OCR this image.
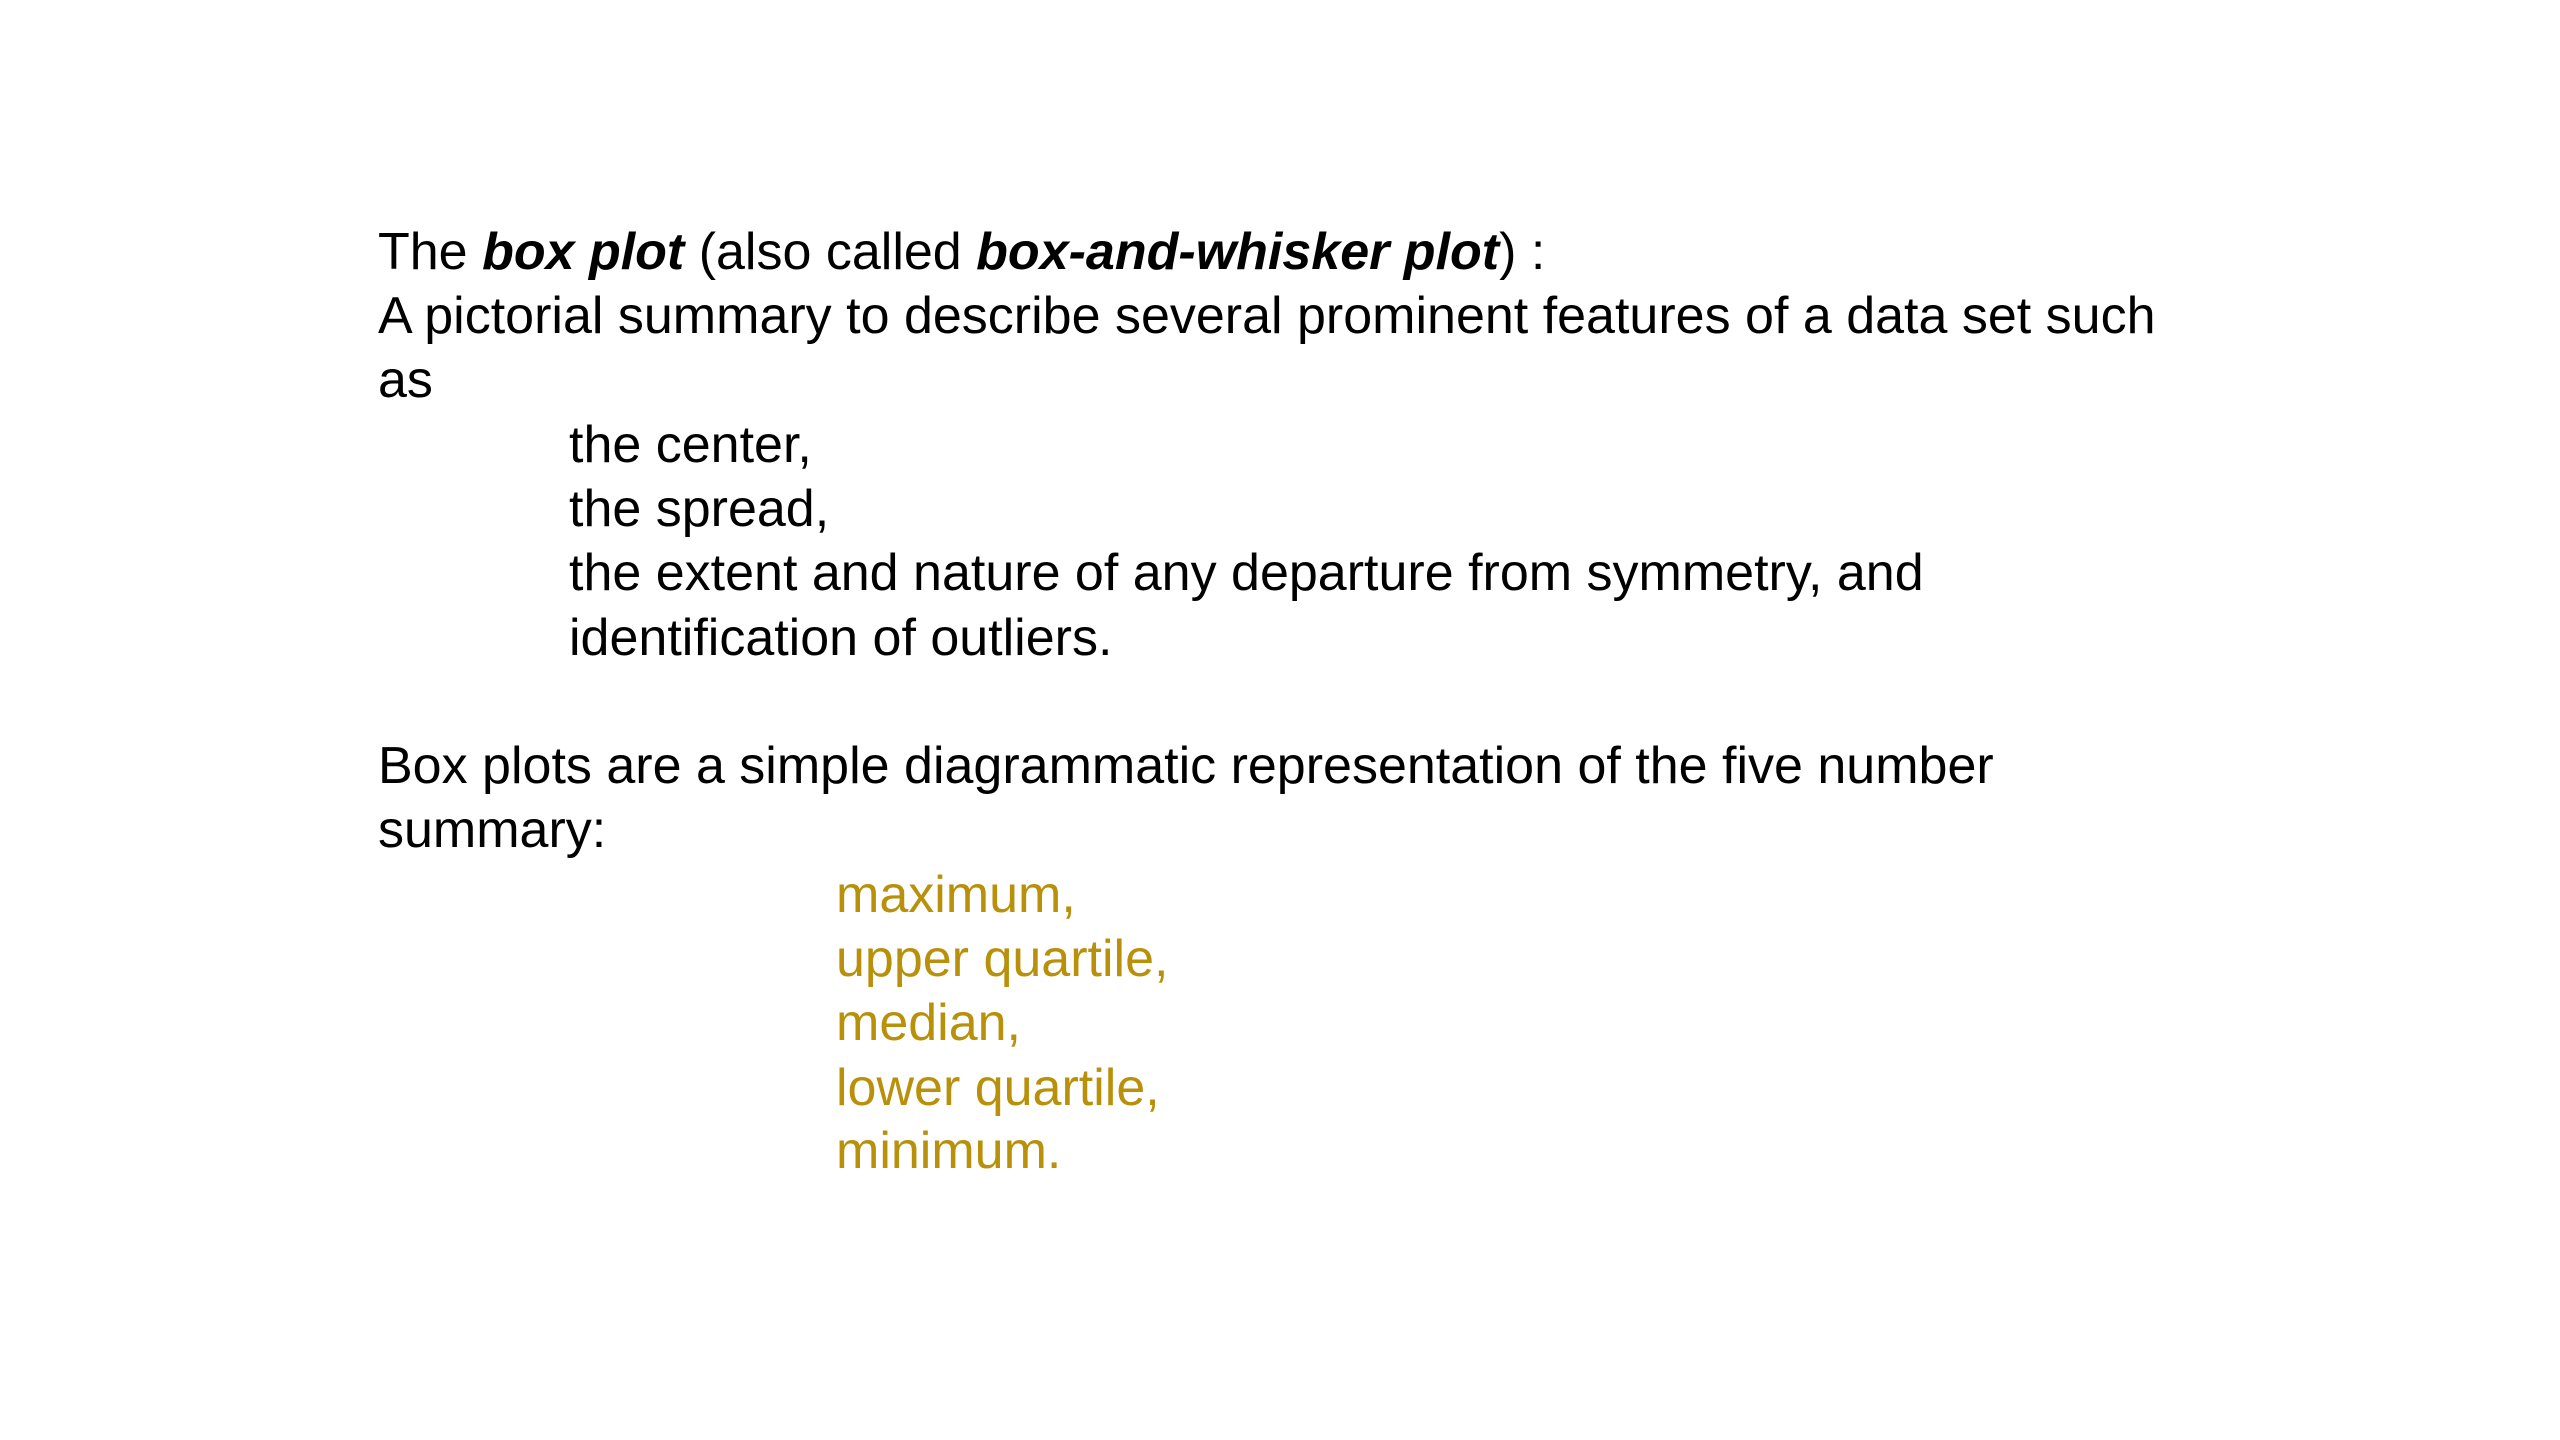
The box plot (also called box-and-whisker plot) :
A pictorial summary to describe several prominent features of a data set such
as
the center,
the spread,
the extent and nature of any departure from symmetry, and
identification of outliers.
Box plots are a simple diagrammatic representation of the five number
summary:
maximum,
upper quartile,
median,
lower quartile,
minimum.
